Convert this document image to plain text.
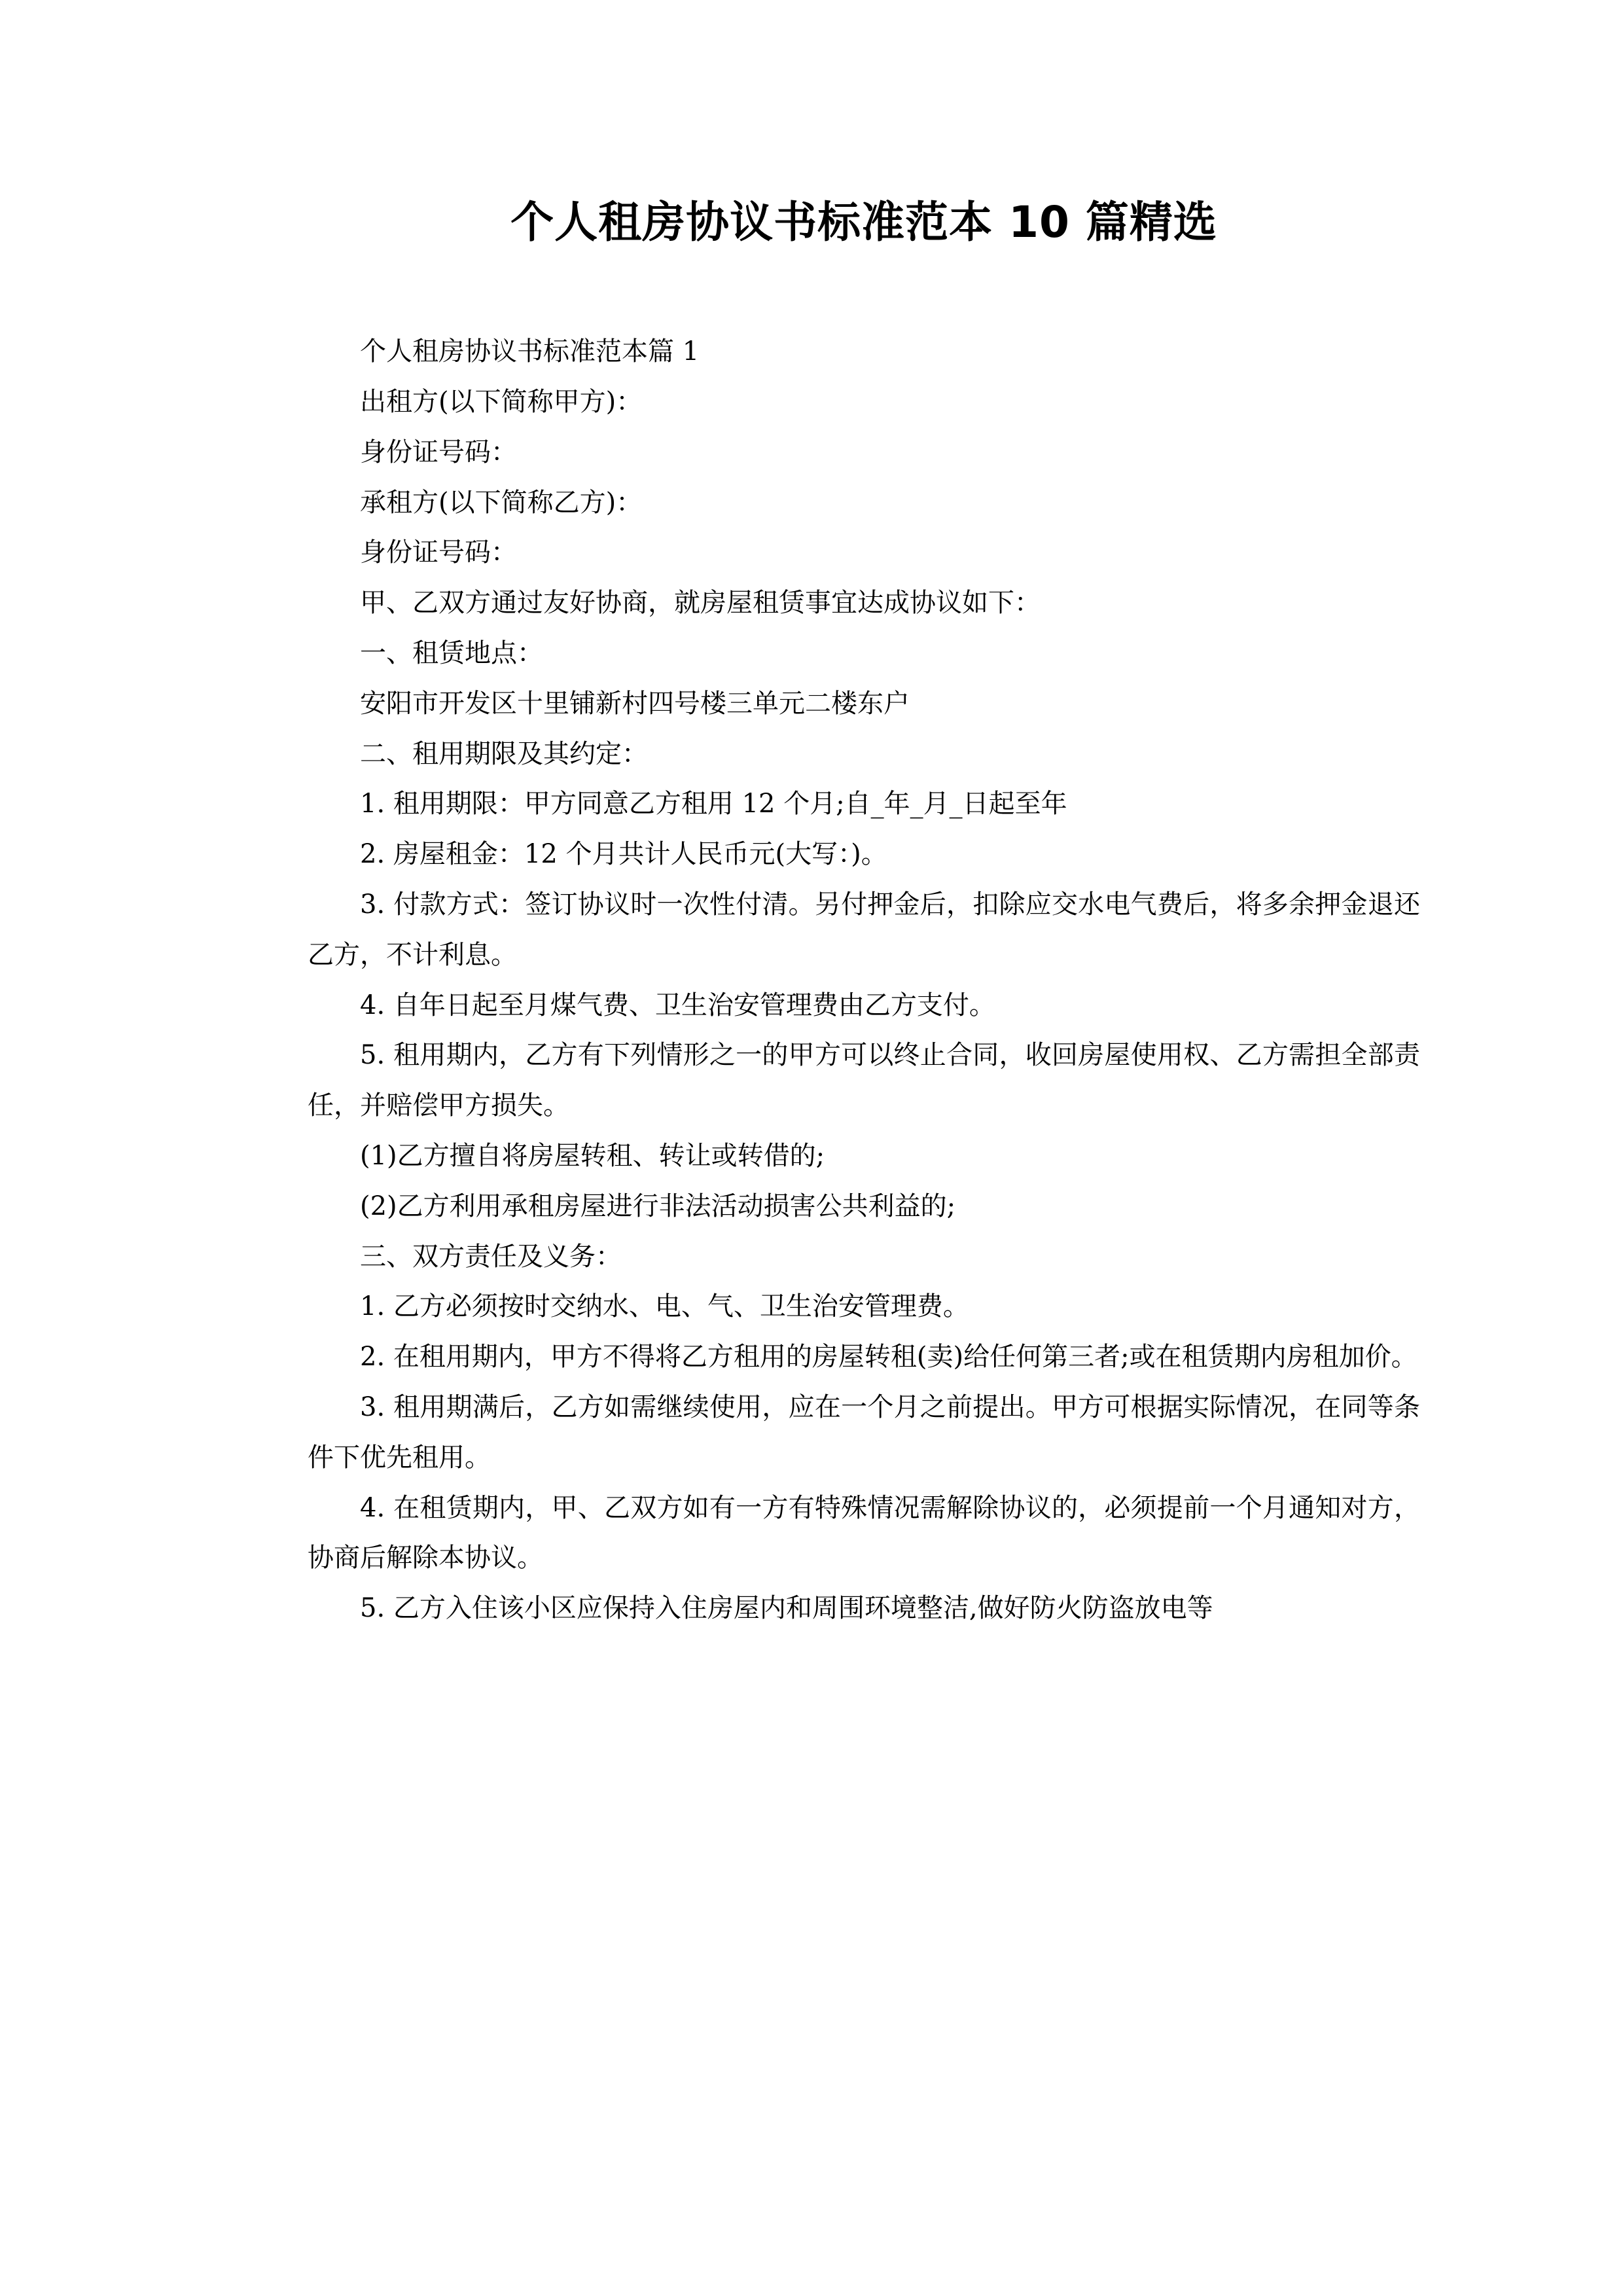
个人租房协议书标准范本 10 篇精选

个人租房协议书标准范本篇 1

出租方(以下简称甲方)：

身份证号码：

承租方(以下简称乙方)：

身份证号码：

甲、乙双方通过友好协商，就房屋租赁事宜达成协议如下：

一、租赁地点：

安阳市开发区十里铺新村四号楼三单元二楼东户

二、租用期限及其约定：

1. 租用期限：甲方同意乙方租用 12 个月;自_年_月_日起至年

2. 房屋租金：12 个月共计人民币元(大写：)。

3. 付款方式：签订协议时一次性付清。另付押金后，扣除应交水电气费后，将多余押金退还乙方，不计利息。

4. 自年日起至月煤气费、卫生治安管理费由乙方支付。

5. 租用期内，乙方有下列情形之一的甲方可以终止合同，收回房屋使用权、乙方需担全部责任，并赔偿甲方损失。

(1)乙方擅自将房屋转租、转让或转借的;

(2)乙方利用承租房屋进行非法活动损害公共利益的;

三、双方责任及义务：

1. 乙方必须按时交纳水、电、气、卫生治安管理费。

2. 在租用期内，甲方不得将乙方租用的房屋转租(卖)给任何第三者;或在租赁期内房租加价。

3. 租用期满后，乙方如需继续使用，应在一个月之前提出。甲方可根据实际情况，在同等条件下优先租用。

4. 在租赁期内，甲、乙双方如有一方有特殊情况需解除协议的，必须提前一个月通知对方，协商后解除本协议。

5. 乙方入住该小区应保持入住房屋内和周围环境整洁,做好防火防盗放电等
